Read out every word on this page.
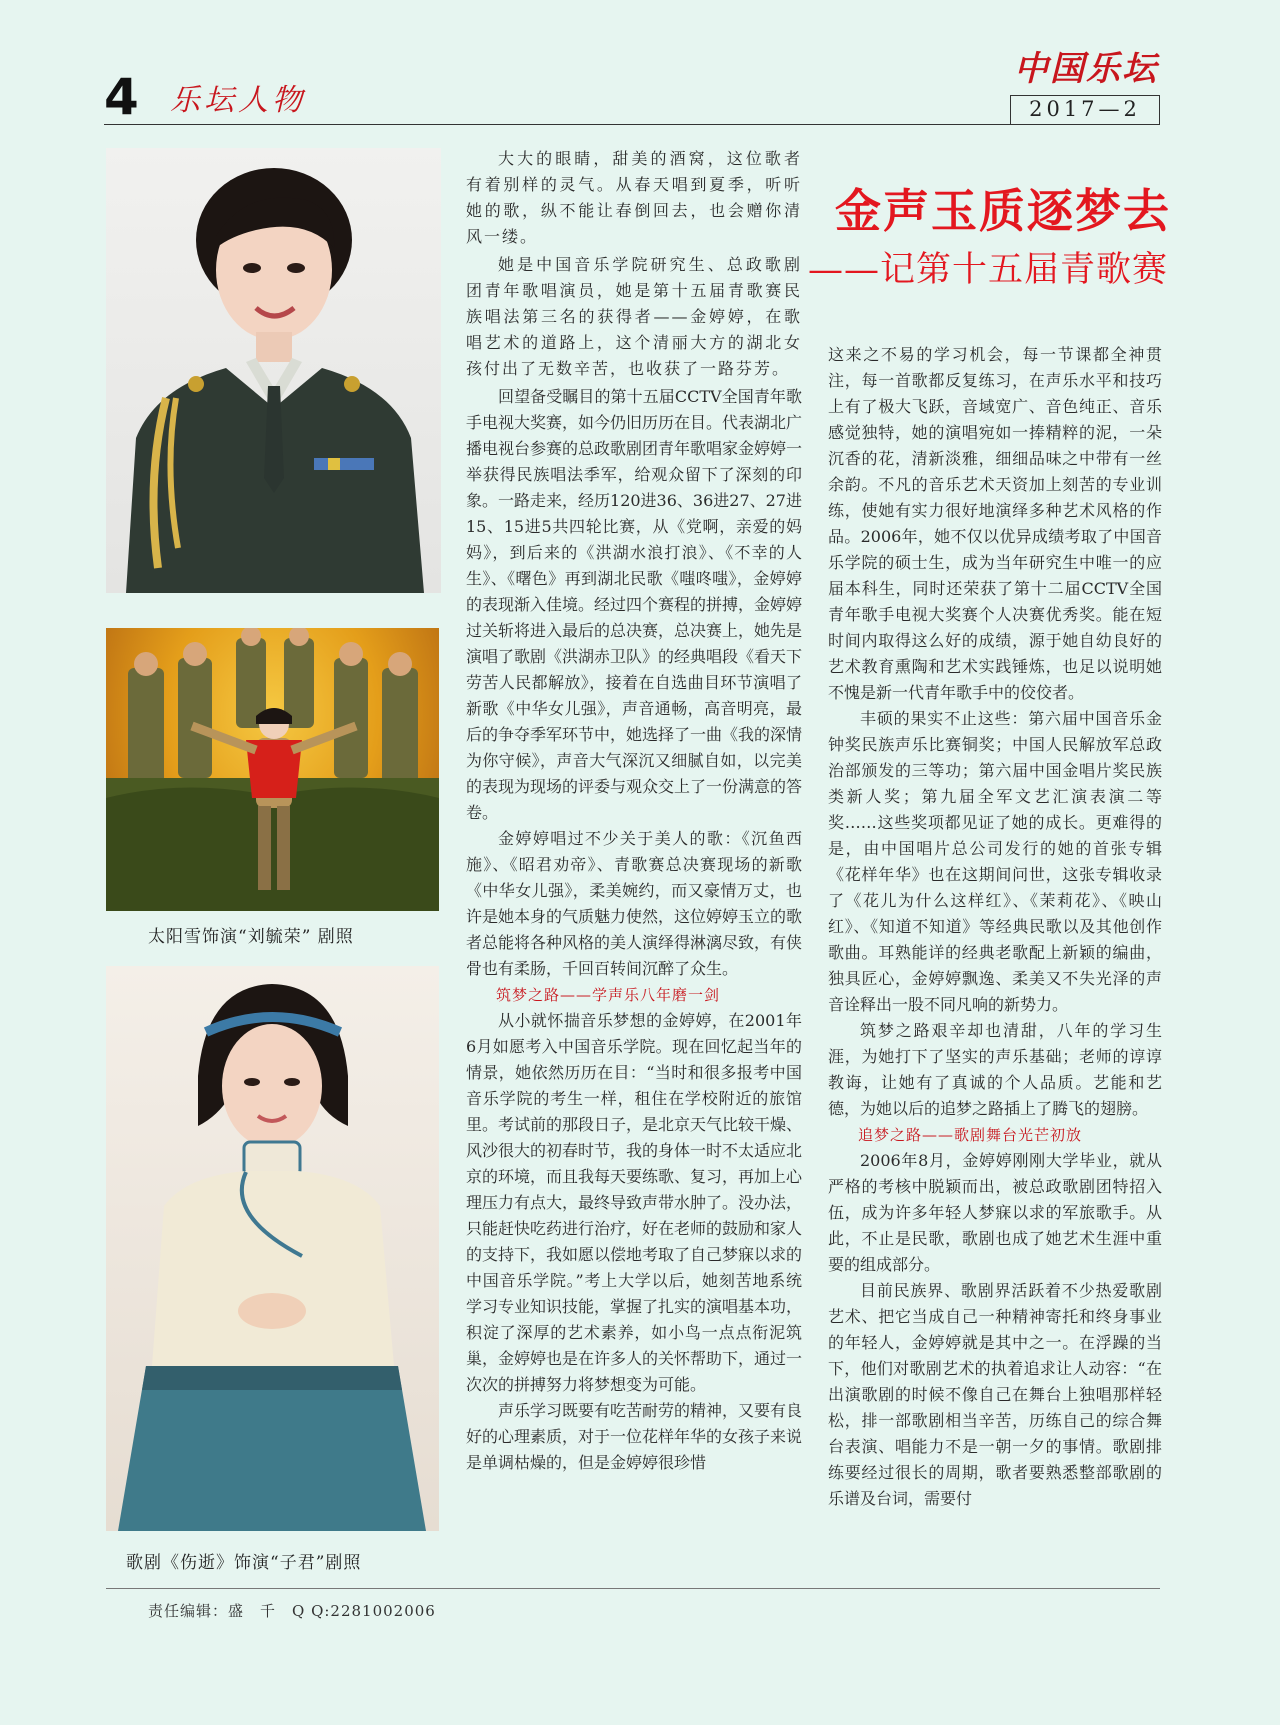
4 乐坛人物
中国乐坛
2017—2
太阳雪饰演“刘毓荣” 剧照
歌剧《伤逝》饰演“子君”剧照
金声玉质逐梦去
——记第十五届青歌赛

大大的眼睛，甜美的酒窝，这位歌者有着别样的灵气。从春天唱到夏季，听听她的歌，纵不能让春倒回去，也会赠你清风一缕。

她是中国音乐学院研究生、总政歌剧团青年歌唱演员，她是第十五届青歌赛民族唱法第三名的获得者——金婷婷，在歌唱艺术的道路上，这个清丽大方的湖北女孩付出了无数辛苦，也收获了一路芬芳。

回望备受瞩目的第十五届CCTV全国青年歌手电视大奖赛，如今仍旧历历在目。代表湖北广播电视台参赛的总政歌剧团青年歌唱家金婷婷一举获得民族唱法季军，给观众留下了深刻的印象。一路走来，经历120进36、36进27、27进15、15进5共四轮比赛，从《党啊，亲爱的妈妈》，到后来的《洪湖水浪打浪》、《不幸的人生》、《曙色》再到湖北民歌《嗤咚嗤》，金婷婷的表现渐入佳境。经过四个赛程的拼搏，金婷婷过关斩将进入最后的总决赛，总决赛上，她先是演唱了歌剧《洪湖赤卫队》的经典唱段《看天下劳苦人民都解放》，接着在自选曲目环节演唱了新歌《中华女儿强》，声音通畅，高音明亮，最后的争夺季军环节中，她选择了一曲《我的深情为你守候》，声音大气深沉又细腻自如，以完美的表现为现场的评委与观众交上了一份满意的答卷。

金婷婷唱过不少关于美人的歌：《沉鱼西施》、《昭君劝帝》、青歌赛总决赛现场的新歌《中华女儿强》，柔美婉约，而又豪情万丈，也许是她本身的气质魅力使然，这位婷婷玉立的歌者总能将各种风格的美人演绎得淋漓尽致，有侠骨也有柔肠，千回百转间沉醉了众生。

筑梦之路——学声乐八年磨一剑

从小就怀揣音乐梦想的金婷婷，在2001年6月如愿考入中国音乐学院。现在回忆起当年的情景，她依然历历在目：“当时和很多报考中国音乐学院的考生一样，租住在学校附近的旅馆里。考试前的那段日子，是北京天气比较干燥、风沙很大的初春时节，我的身体一时不太适应北京的环境，而且我每天要练歌、复习，再加上心理压力有点大，最终导致声带水肿了。没办法，只能赶快吃药进行治疗，好在老师的鼓励和家人的支持下，我如愿以偿地考取了自己梦寐以求的中国音乐学院。”考上大学以后，她刻苦地系统学习专业知识技能，掌握了扎实的演唱基本功，积淀了深厚的艺术素养，如小鸟一点点衔泥筑巢，金婷婷也是在许多人的关怀帮助下，通过一次次的拼搏努力将梦想变为可能。

声乐学习既要有吃苦耐劳的精神，又要有良好的心理素质，对于一位花样年华的女孩子来说是单调枯燥的，但是金婷婷很珍惜

这来之不易的学习机会，每一节课都全神贯注，每一首歌都反复练习，在声乐水平和技巧上有了极大飞跃，音域宽广、音色纯正、音乐感觉独特，她的演唱宛如一捧精粹的泥，一朵沉香的花，清新淡雅，细细品味之中带有一丝余韵。不凡的音乐艺术天资加上刻苦的专业训练，使她有实力很好地演绎多种艺术风格的作品。2006年，她不仅以优异成绩考取了中国音乐学院的硕士生，成为当年研究生中唯一的应届本科生，同时还荣获了第十二届CCTV全国青年歌手电视大奖赛个人决赛优秀奖。能在短时间内取得这么好的成绩，源于她自幼良好的艺术教育熏陶和艺术实践锤炼，也足以说明她不愧是新一代青年歌手中的佼佼者。

丰硕的果实不止这些：第六届中国音乐金钟奖民族声乐比赛铜奖；中国人民解放军总政治部颁发的三等功；第六届中国金唱片奖民族类新人奖；第九届全军文艺汇演表演二等奖……这些奖项都见证了她的成长。更难得的是，由中国唱片总公司发行的她的首张专辑《花样年华》也在这期间问世，这张专辑收录了《花儿为什么这样红》、《茉莉花》、《映山红》、《知道不知道》等经典民歌以及其他创作歌曲。耳熟能详的经典老歌配上新颖的编曲，独具匠心，金婷婷飘逸、柔美又不失光泽的声音诠释出一股不同凡响的新势力。

筑梦之路艰辛却也清甜，八年的学习生涯，为她打下了坚实的声乐基础；老师的谆谆教诲，让她有了真诚的个人品质。艺能和艺德，为她以后的追梦之路插上了腾飞的翅膀。

追梦之路——歌剧舞台光芒初放

2006年8月，金婷婷刚刚大学毕业，就从严格的考核中脱颖而出，被总政歌剧团特招入伍，成为许多年轻人梦寐以求的军旅歌手。从此，不止是民歌，歌剧也成了她艺术生涯中重要的组成部分。

目前民族界、歌剧界活跃着不少热爱歌剧艺术、把它当成自己一种精神寄托和终身事业的年轻人，金婷婷就是其中之一。在浮躁的当下，他们对歌剧艺术的执着追求让人动容：“在出演歌剧的时候不像自己在舞台上独唱那样轻松，排一部歌剧相当辛苦，历练自己的综合舞台表演、唱能力不是一朝一夕的事情。歌剧排练要经过很长的周期，歌者要熟悉整部歌剧的乐谱及台词，需要付

责任编辑：盛　千　Q Q:2281002006
